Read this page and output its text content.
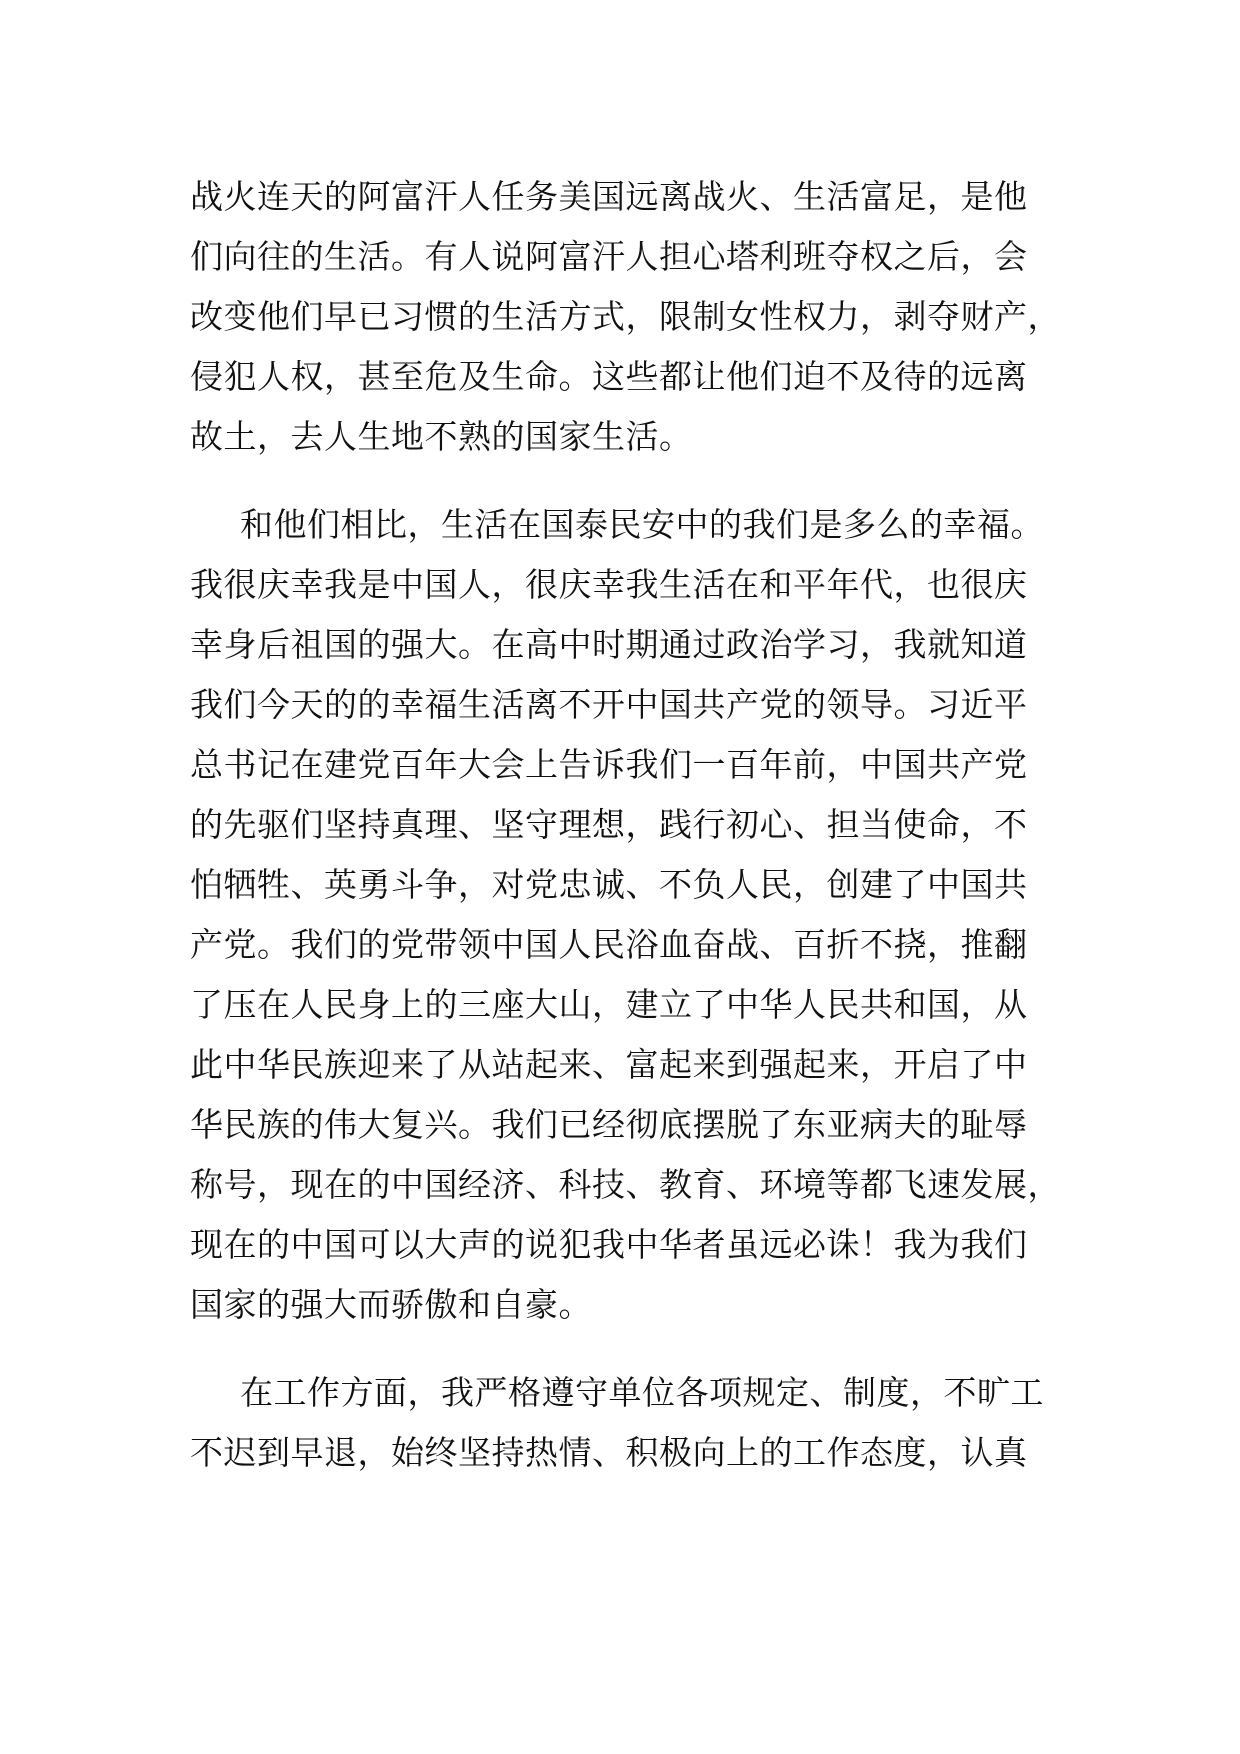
战火连天的阿富汗人任务美国远离战火、生活富足，是他
们向往的生活。有人说阿富汗人担心塔利班夺权之后，会
改变他们早已习惯的生活方式，限制女性权力，剥夺财产，
侵犯人权，甚至危及生命。这些都让他们迫不及待的远离
故土，去人生地不熟的国家生活。
和他们相比，生活在国泰民安中的我们是多么的幸福。
我很庆幸我是中国人，很庆幸我生活在和平年代，也很庆
幸身后祖国的强大。在高中时期通过政治学习，我就知道
我们今天的的幸福生活离不开中国共产党的领导。习近平
总书记在建党百年大会上告诉我们一百年前，中国共产党
的先驱们坚持真理、坚守理想，践行初心、担当使命，不
怕牺牲、英勇斗争，对党忠诚、不负人民，创建了中国共
产党。我们的党带领中国人民浴血奋战、百折不挠，推翻
了压在人民身上的三座大山，建立了中华人民共和国，从
此中华民族迎来了从站起来、富起来到强起来，开启了中
华民族的伟大复兴。我们已经彻底摆脱了东亚病夫的耻辱
称号，现在的中国经济、科技、教育、环境等都飞速发展，
现在的中国可以大声的说犯我中华者虽远必诛！我为我们
国家的强大而骄傲和自豪。
在工作方面，我严格遵守单位各项规定、制度，不旷工
不迟到早退，始终坚持热情、积极向上的工作态度，认真
